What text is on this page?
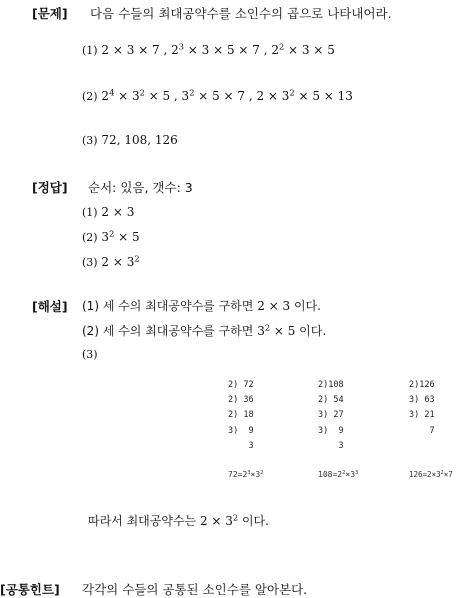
[문제] 다음 수들의 최대공약수를 소인수의 곱으로 나타내어라.
(1) 2 × 3 × 7 , $2^3 \times 3 \times 5 \times 7$ , $2^2 \times 3 \times 5$
(2) $2^4 \times 3^2 \times 5$ , $3^2 \times 5 \times 7$ , $2 \times 3^2 \times 5 \times 13$
(3) 72, 108, 126
[정답] 순서: 있음, 갯수: 3
(1) 2 × 3
(2) $3^2 \times 5$
(3) $2 \times 3^2$
[해설] (1) 세 수의 최대공약수를 구하면 2 × 3 이다.
(2) 세 수의 최대공약수를 구하면 $3^2 \times 5$ 이다.
(3)
2) 72
2) 36
2) 18
3)  9
3
2)108
2) 54
3) 27
3)  9
3
2)126
3) 63
3) 21
7
$72=2^3\times 3^2$	$108=2^2\times 3^3$	$126=2\times 3^2\times 7$
따라서 최대공약수는 $2 \times 3^2$ 이다.
[공통힌트] 각각의 수들의 공통된 소인수를 알아본다.
